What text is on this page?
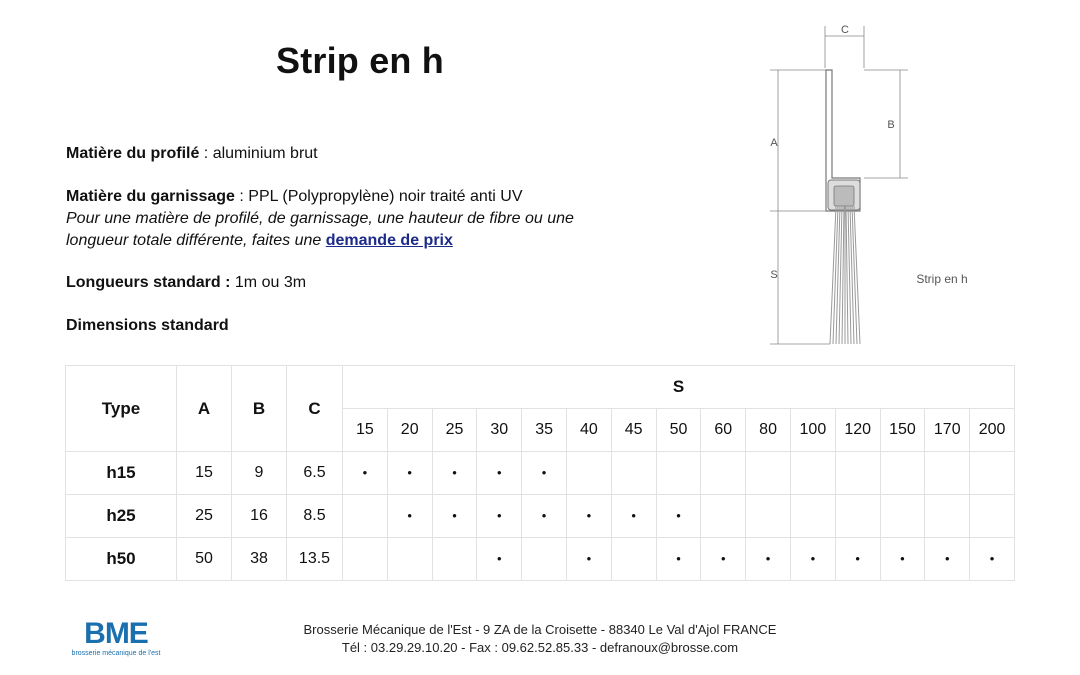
Strip en h
Matière du profilé : aluminium brut
Matière du garnissage : PPL (Polypropylène) noir traité anti UV
Pour une matière de profilé, de garnissage, une hauteur de fibre ou une
longueur totale différente, faites une demande de prix
Longueurs standard : 1m ou 3m
Dimensions standard
C
A
S
B
Strip en h
Type	A	B	C	S														
				15	20	25	30	35	40	45	50	60	80	100	120	150	170	200
h15	15	9	6.5	•	•	•	•	•										
h25	25	16	8.5		•	•	•	•	•	•	•							
h50	50	38	13.5				•		•		•	•	•	•	•	•	•	•
BME
brosserie mécanique de l'est
Brosserie Mécanique de l'Est - 9 ZA de la Croisette - 88340 Le Val d'Ajol FRANCE
Tél : 03.29.29.10.20 - Fax : 09.62.52.85.33 - defranoux@brosse.com
